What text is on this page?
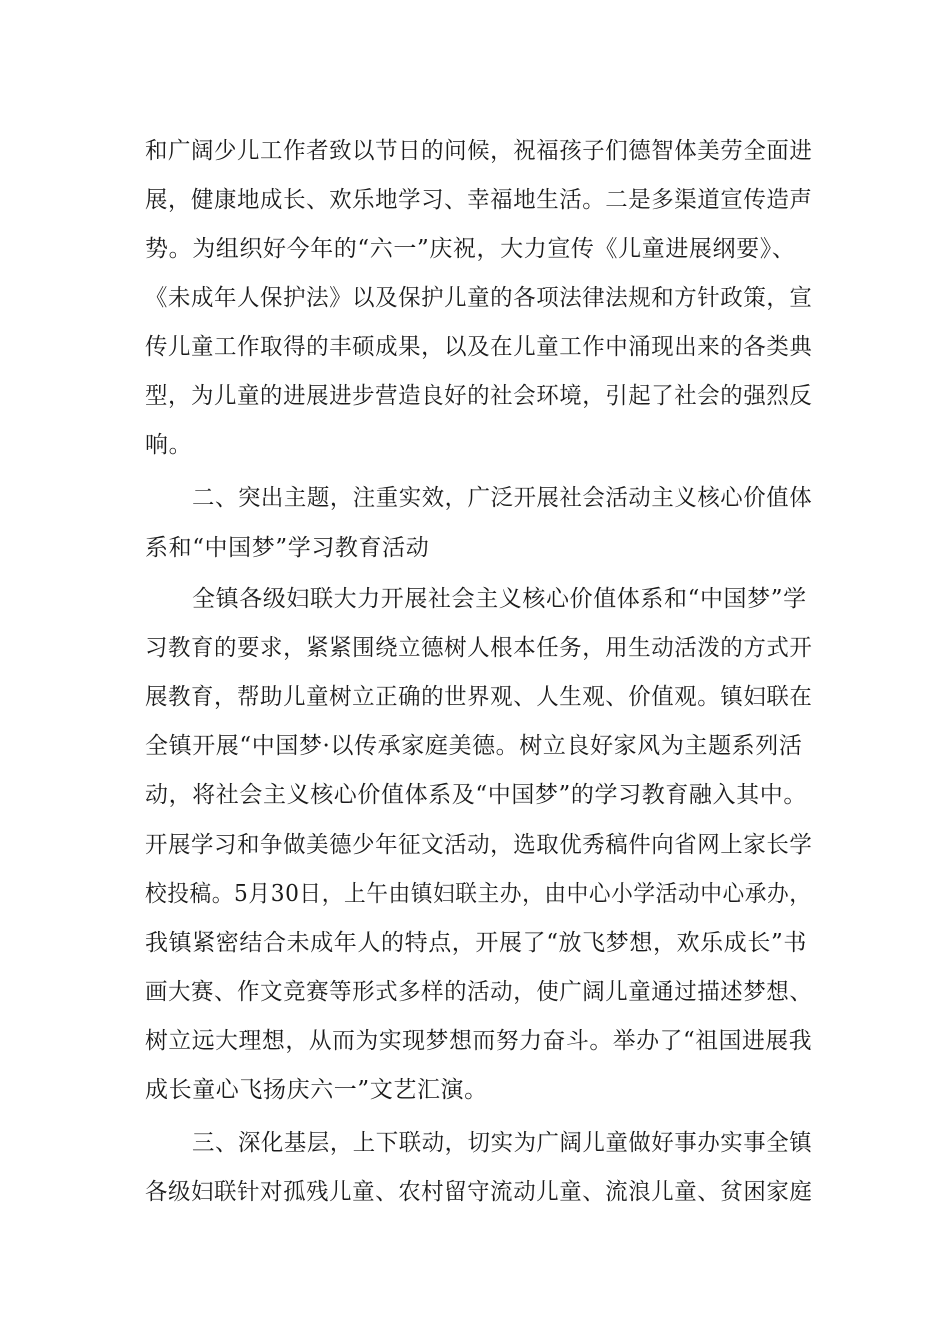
和广阔少儿工作者致以节日的问候，祝福孩子们德智体美劳全面进
展，健康地成长、欢乐地学习、幸福地生活。二是多渠道宣传造声
势。为组织好今年的“六一”庆祝，大力宣传《儿童进展纲要》、
《未成年人保护法》以及保护儿童的各项法律法规和方针政策，宣
传儿童工作取得的丰硕成果，以及在儿童工作中涌现出来的各类典
型，为儿童的进展进步营造良好的社会环境，引起了社会的强烈反
响。
二、突出主题，注重实效，广泛开展社会活动主义核心价值体
系和“中国梦”学习教育活动
全镇各级妇联大力开展社会主义核心价值体系和“中国梦”学
习教育的要求，紧紧围绕立德树人根本任务，用生动活泼的方式开
展教育，帮助儿童树立正确的世界观、人生观、价值观。镇妇联在
全镇开展“中国梦·以传承家庭美德。树立良好家风为主题系列活
动，将社会主义核心价值体系及“中国梦”的学习教育融入其中。
开展学习和争做美德少年征文活动，选取优秀稿件向省网上家长学
校投稿。5月30日，上午由镇妇联主办，由中心小学活动中心承办，
我镇紧密结合未成年人的特点，开展了“放飞梦想，欢乐成长”书
画大赛、作文竞赛等形式多样的活动，使广阔儿童通过描述梦想、
树立远大理想，从而为实现梦想而努力奋斗。举办了“祖国进展我
成长童心飞扬庆六一”文艺汇演。
三、深化基层，上下联动，切实为广阔儿童做好事办实事全镇
各级妇联针对孤残儿童、农村留守流动儿童、流浪儿童、贫困家庭
